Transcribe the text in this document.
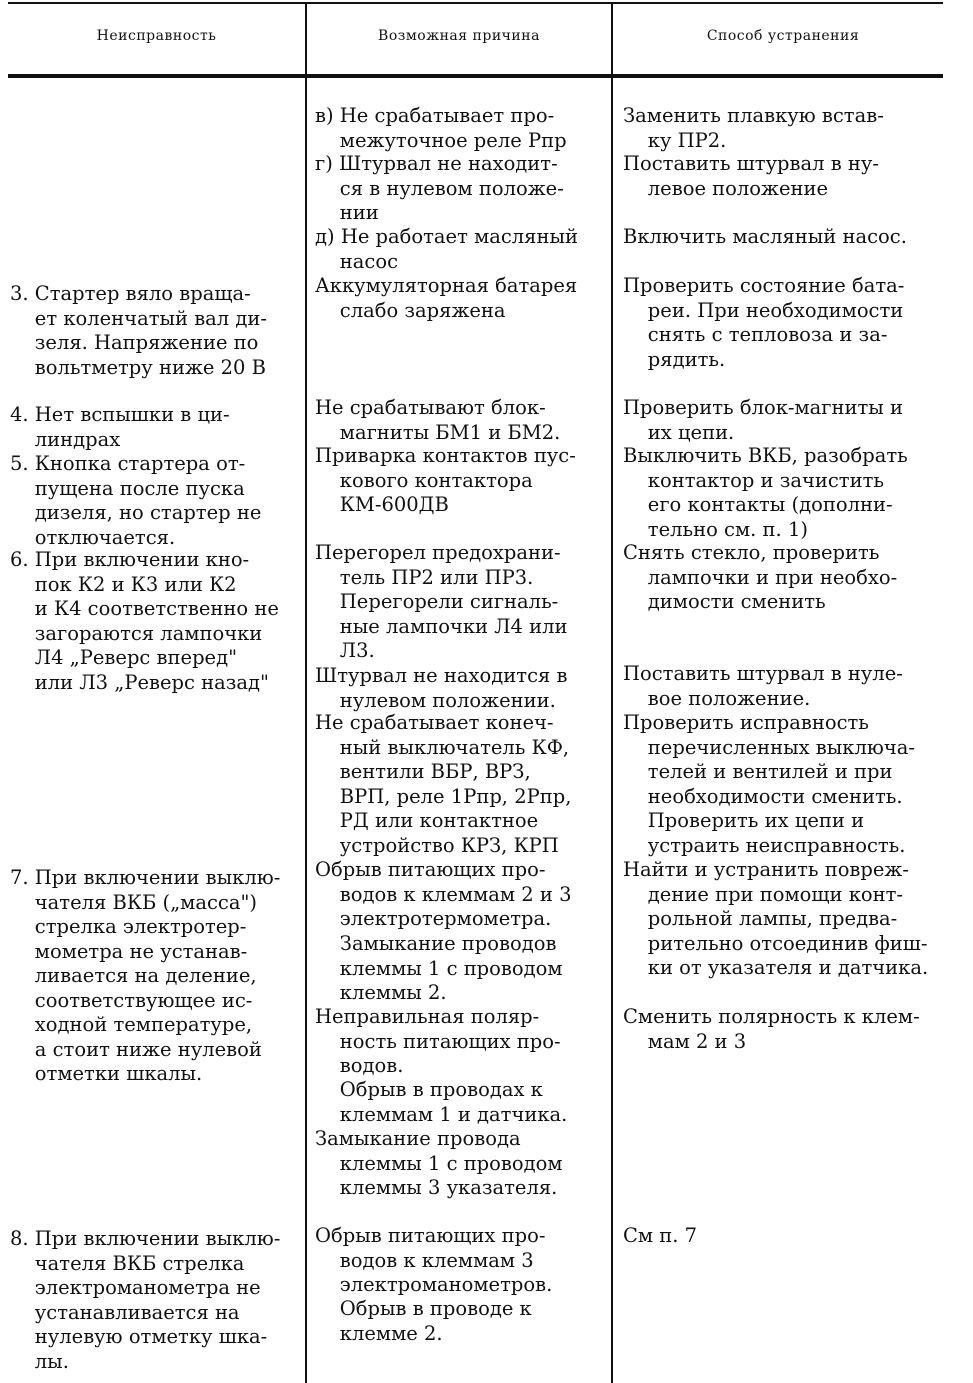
Неисправность	Возможная причина	Способ устранения
в) Не срабатывает про-
межуточное реле Рпр
г) Штурвал не находит-
ся в нулевом положе-
нии
д) Не работает масляный
насос
Заменить плавкую встав-
ку ПР2.
Поставить штурвал в ну-
левое положение
Включить масляный насос.
3. Стартер вяло враща-
ет коленчатый вал ди-
зеля. Напряжение по
вольтметру ниже 20 В
Аккумуляторная батарея
слабо заряжена
Проверить состояние бата-
реи. При необходимости
снять с тепловоза и за-
рядить.
4. Нет вспышки в ци-
линдрах
Не срабатывают блок-
магниты БМ1 и БМ2.
Проверить блок-магниты и
их цепи.
5. Кнопка стартера от-
пущена после пуска
дизеля, но стартер не
отключается.
Приварка контактов пус-
кового контактора
КМ-600ДВ
Выключить ВКБ, разобрать
контактор и зачистить
его контакты (дополни-
тельно см. п. 1)
6. При включении кно-
пок К2 и К3 или К2
и К4 соответственно не
загораются лампочки
Л4 „Реверс вперед"
или Л3 „Реверс назад"
Перегорел предохрани-
тель ПР2 или ПР3.
Перегорели сигналь-
ные лампочки Л4 или
Л3.
Штурвал не находится в
нулевом положении.
Не срабатывает конеч-
ный выключатель КФ,
вентили ВБР, ВРЗ,
ВРП, реле 1Рпр, 2Рпр,
РД или контактное
устройство КРЗ, КРП
Снять стекло, проверить
лампочки и при необхо-
димости сменить
Поставить штурвал в нуле-
вое положение.
Проверить исправность
перечисленных выключа-
телей и вентилей и при
необходимости сменить.
Проверить их цепи и
устраить неисправность.
7. При включении выклю-
чателя ВКБ („масса")
стрелка электротер-
мометра не устанав-
ливается на деление,
соответствующее ис-
ходной температуре,
а стоит ниже нулевой
отметки шкалы.
Обрыв питающих про-
водов к клеммам 2 и 3
электротермометра.
Замыкание проводов
клеммы 1 с проводом
клеммы 2.
Неправильная поляр-
ность питающих про-
водов.
Обрыв в проводах к
клеммам 1 и датчика.
Замыкание провода
клеммы 1 с проводом
клеммы 3 указателя.
Найти и устранить повреж-
дение при помощи конт-
рольной лампы, предва-
рительно отсоединив фиш-
ки от указателя и датчика.
Сменить полярность к клем-
мам 2 и 3
8. При включении выклю-
чателя ВКБ стрелка
электроманометра не
устанавливается на
нулевую отметку шка-
лы.
Обрыв питающих про-
водов к клеммам 3
электроманометров.
Обрыв в проводе к
клемме 2.
См п. 7
